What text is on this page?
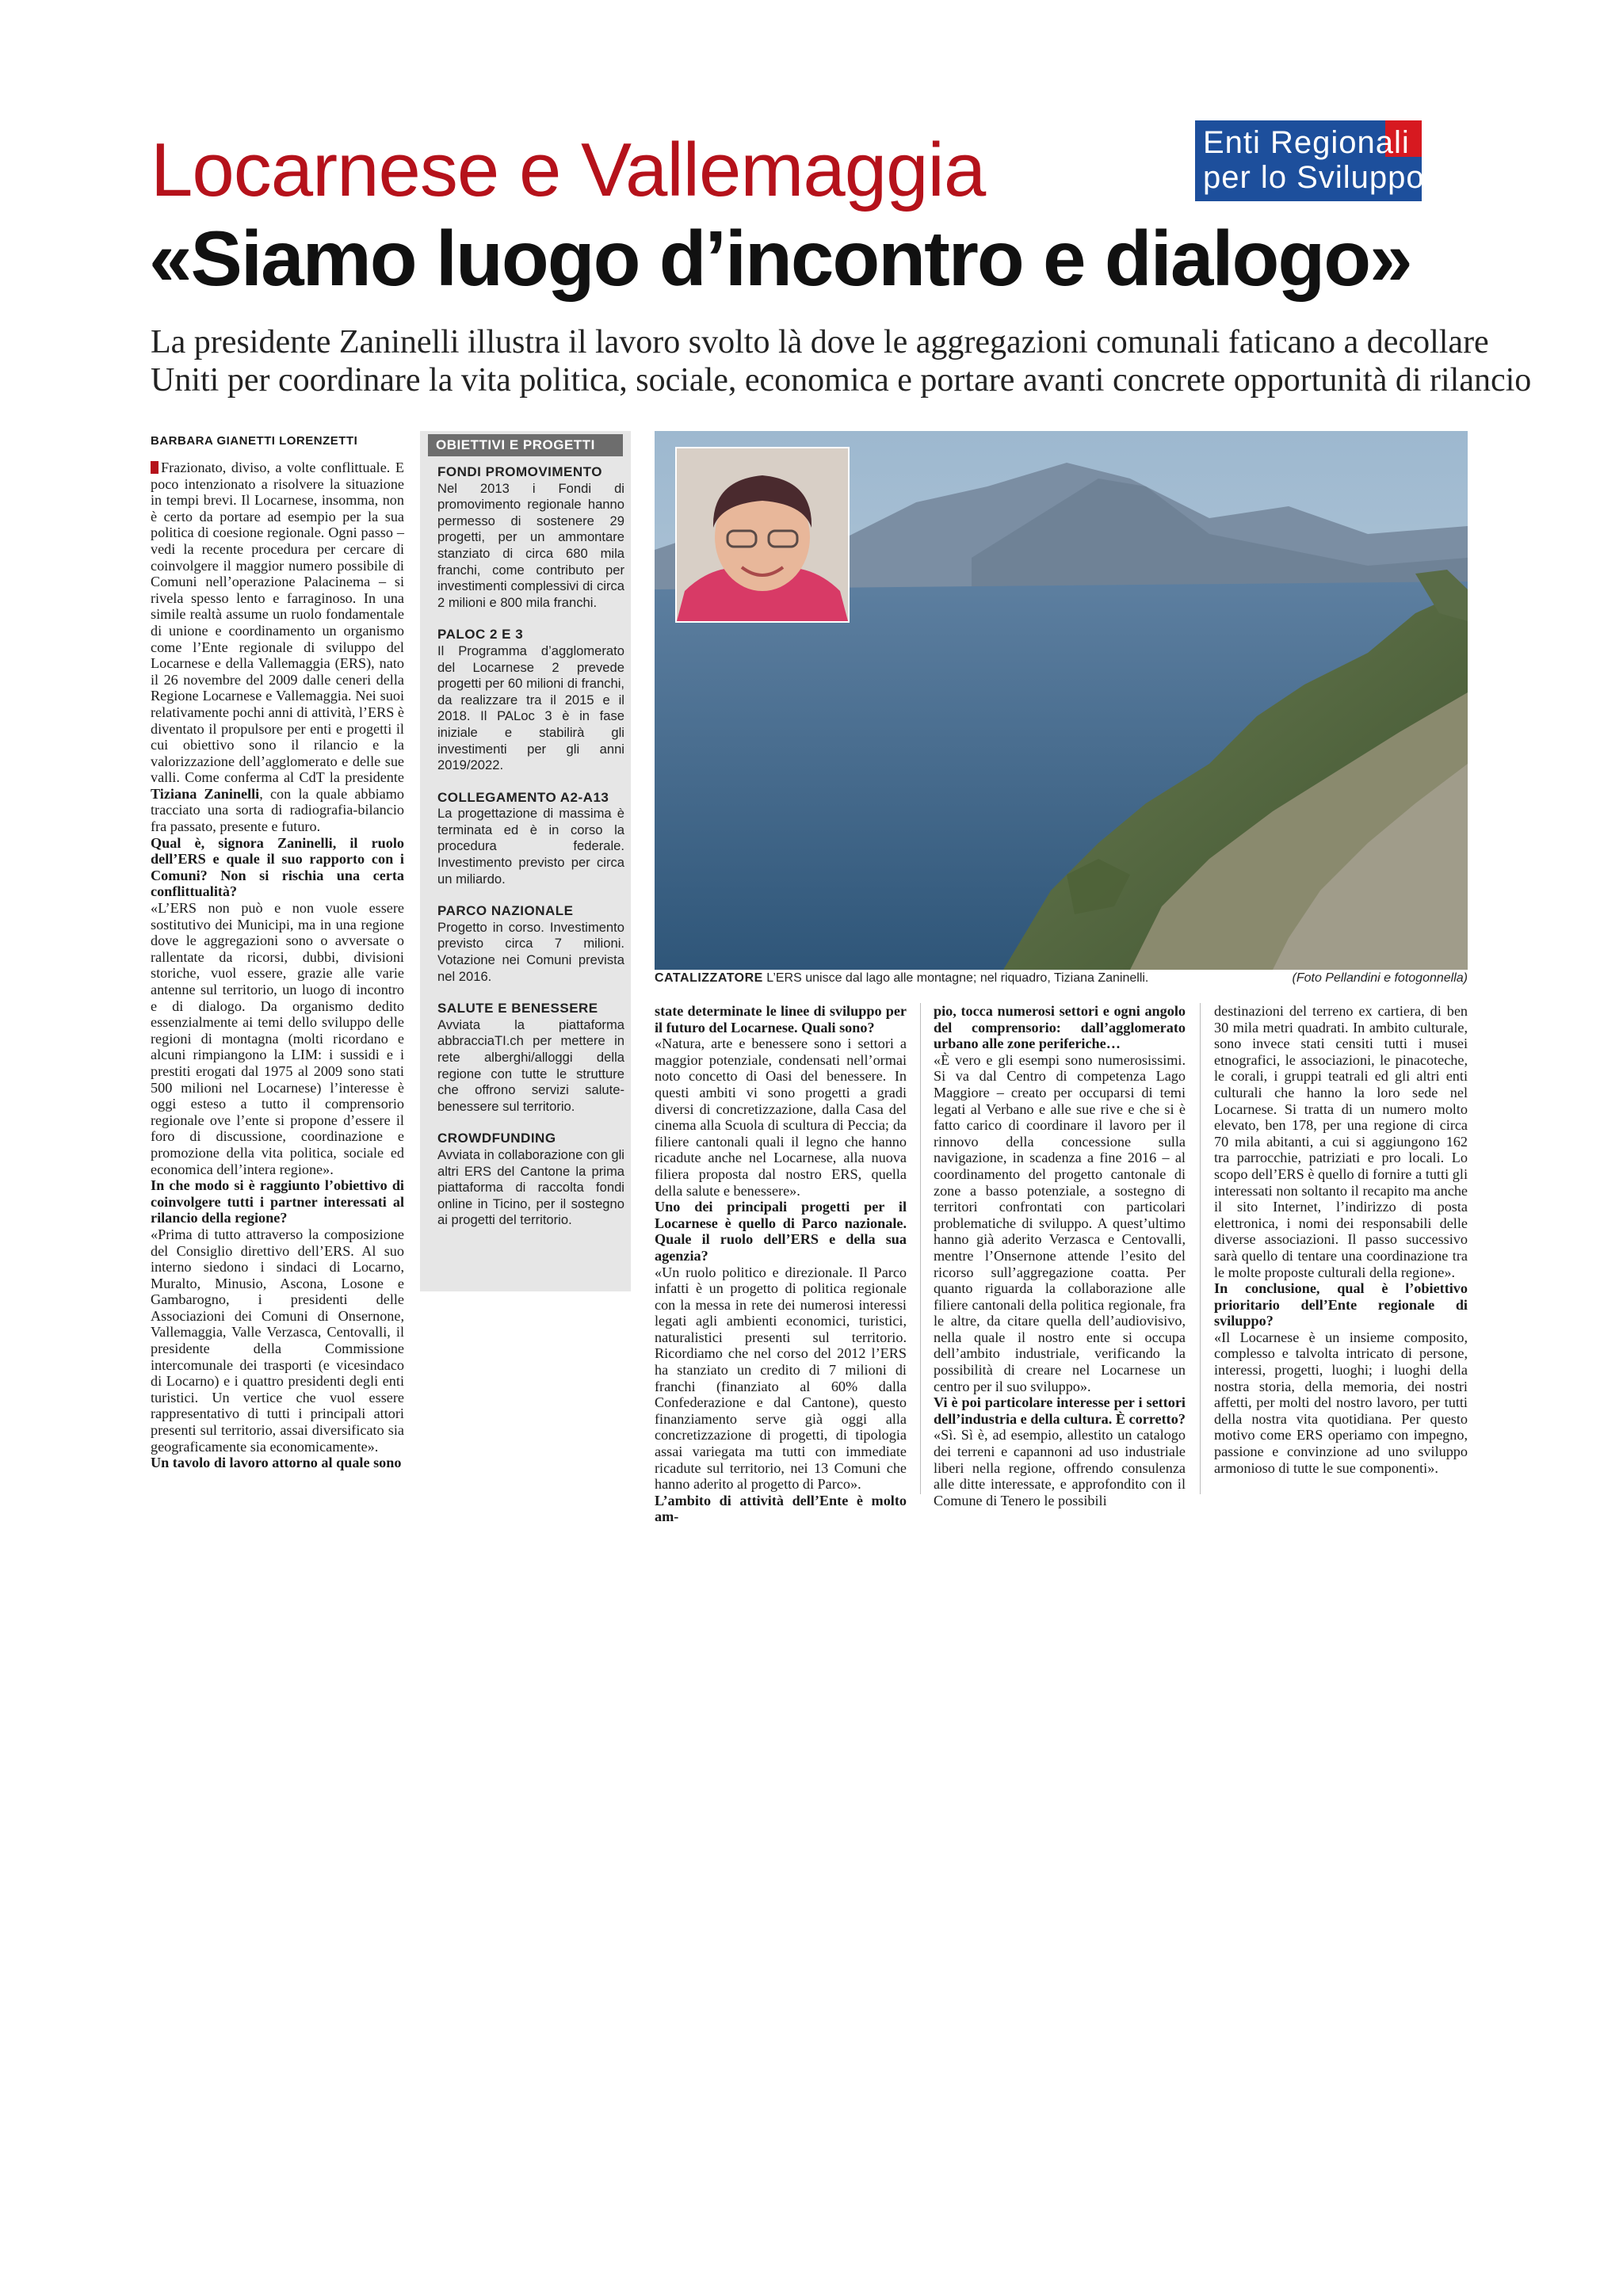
Locarnese e Vallemaggia	Enti Regionali
per lo Sviluppo
«Siamo luogo d’incontro e dialogo»
La presidente Zaninelli illustra il lavoro svolto là dove le aggregazioni comunali faticano a decollare
Uniti per coordinare la vita politica, sociale, economica e portare avanti concrete opportunità di rilancio
BARBARA GIANETTI LORENZETTI

Frazionato, diviso, a volte conflittuale. E poco intenzionato a risolvere la situazione in tempi brevi. Il Locarnese, insomma, non è certo da portare ad esempio per la sua politica di coesione regionale. Ogni passo – vedi la recente procedura per cercare di coinvolgere il maggior numero possibile di Comuni nell’operazione Palacinema – si rivela spesso lento e farraginoso. In una simile realtà assume un ruolo fondamentale di unione e coordinamento un organismo come l’Ente regionale di sviluppo del Locarnese e della Vallemaggia (ERS), nato il 26 novembre del 2009 dalle ceneri della Regione Locarnese e Vallemaggia. Nei suoi relativamente pochi anni di attività, l’ERS è diventato il propulsore per enti e progetti il cui obiettivo sono il rilancio e la valorizzazione dell’agglomerato e delle sue valli. Come conferma al CdT la presidente Tiziana Zaninelli, con la quale abbiamo tracciato una sorta di radiografia-bilancio fra passato, presente e futuro.

Qual è, signora Zaninelli, il ruolo dell’ERS e quale il suo rapporto con i Comuni? Non si rischia una certa conflittualità?

«L’ERS non può e non vuole essere sostitutivo dei Municipi, ma in una regione dove le aggregazioni sono o avversate o rallentate da ricorsi, dubbi, divisioni storiche, vuol essere, grazie alle varie antenne sul territorio, un luogo di incontro e di dialogo. Da organismo dedito essenzialmente ai temi dello sviluppo delle regioni di montagna (molti ricordano e alcuni rimpiangono la LIM: i sussidi e i prestiti erogati dal 1975 al 2009 sono stati 500 milioni nel Locarnese) l’interesse è oggi esteso a tutto il comprensorio regionale ove l’ente si propone d’essere il foro di discussione, coordinazione e promozione della vita politica, sociale ed economica dell’intera regione».

In che modo si è raggiunto l’obiettivo di coinvolgere tutti i partner interessati al rilancio della regione?

«Prima di tutto attraverso la composizione del Consiglio direttivo dell’ERS. Al suo interno siedono i sindaci di Locarno, Muralto, Minusio, Ascona, Losone e Gambarogno, i presidenti delle Associazioni dei Comuni di Onsernone, Vallemaggia, Valle Verzasca, Centovalli, il presidente della Commissione intercomunale dei trasporti (e vicesindaco di Locarno) e i quattro presidenti degli enti turistici. Un vertice che vuol essere rappresentativo di tutti i principali attori presenti sul territorio, assai diversificato sia geograficamente sia economicamente».

Un tavolo di lavoro attorno al quale sono

OBIETTIVI E PROGETTI
FONDI PROMOVIMENTO

Nel 2013 i Fondi di promovimento regionale hanno permesso di sostenere 29 progetti, per un ammontare stanziato di circa 680 mila franchi, come contributo per investimenti complessivi di circa 2 milioni e 800 mila franchi.

PALOC 2 E 3

Il Programma d’agglomerato del Locarnese 2 prevede progetti per 60 milioni di franchi, da realizzare tra il 2015 e il 2018. Il PALoc 3 è in fase iniziale e stabilirà gli investimenti per gli anni 2019/2022.

COLLEGAMENTO A2-A13

La progettazione di massima è terminata ed è in corso la procedura federale. Investimento previsto per circa un miliardo.

PARCO NAZIONALE

Progetto in corso. Investimento previsto circa 7 milioni. Votazione nei Comuni prevista nel 2016.

SALUTE E BENESSERE

Avviata la piattaforma abbracciaTI.ch per mettere in rete alberghi/alloggi della regione con tutte le strutture che offrono servizi salute-benessere sul territorio.

CROWDFUNDING

Avviata in collaborazione con gli altri ERS del Cantone la prima piattaforma di raccolta fondi online in Ticino, per il sostegno ai progetti del territorio.

CATALIZZATORE L’ERS unisce dal lago alle montagne; nel riquadro, Tiziana Zaninelli.	(Foto Pellandini e fotogonnella)

state determinate le linee di sviluppo per il futuro del Locarnese. Quali sono?

«Natura, arte e benessere sono i settori a maggior potenziale, condensati nell’ormai noto concetto di Oasi del benessere. In questi ambiti vi sono progetti a gradi diversi di concretizzazione, dalla Casa del cinema alla Scuola di scultura di Peccia; da filiere cantonali quali il legno che hanno ricadute anche nel Locarnese, alla nuova filiera proposta dal nostro ERS, quella della salute e benessere».

Uno dei principali progetti per il Locarnese è quello di Parco nazionale. Quale il ruolo dell’ERS e della sua agenzia?

«Un ruolo politico e direzionale. Il Parco infatti è un progetto di politica regionale con la messa in rete dei numerosi interessi legati agli ambienti economici, turistici, naturalistici presenti sul territorio. Ricordiamo che nel corso del 2012 l’ERS ha stanziato un credito di 7 milioni di franchi (finanziato al 60% dalla Confederazione e dal Cantone), questo finanziamento serve già oggi alla concretizzazione di progetti, di tipologia assai variegata ma tutti con immediate ricadute sul territorio, nei 13 Comuni che hanno aderito al progetto di Parco».

L’ambito di attività dell’Ente è molto am-

pio, tocca numerosi settori e ogni angolo del comprensorio: dall’agglomerato urbano alle zone periferiche…

«È vero e gli esempi sono numerosissimi. Si va dal Centro di competenza Lago Maggiore – creato per occuparsi di temi legati al Verbano e alle sue rive e che si è fatto carico di coordinare il lavoro per il rinnovo della concessione sulla navigazione, in scadenza a fine 2016 – al coordinamento del progetto cantonale di zone a basso potenziale, a sostegno di territori confrontati con particolari problematiche di sviluppo. A quest’ultimo hanno già aderito Verzasca e Centovalli, mentre l’Onsernone attende l’esito del ricorso sull’aggregazione coatta. Per quanto riguarda la collaborazione alle filiere cantonali della politica regionale, fra le altre, da citare quella dell’audiovisivo, nella quale il nostro ente si occupa dell’ambito industriale, verificando la possibilità di creare nel Locarnese un centro per il suo sviluppo».

Vi è poi particolare interesse per i settori dell’industria e della cultura. È corretto?

«Sì. Sì è, ad esempio, allestito un catalogo dei terreni e capannoni ad uso industriale liberi nella regione, offrendo consulenza alle ditte interessate, e approfondito con il Comune di Tenero le possibili

destinazioni del terreno ex cartiera, di ben 30 mila metri quadrati. In ambito culturale, sono invece stati censiti tutti i musei etnografici, le associazioni, le pinacoteche, le corali, i gruppi teatrali ed gli altri enti culturali che hanno la loro sede nel Locarnese. Si tratta di un numero molto elevato, ben 178, per una regione di circa 70 mila abitanti, a cui si aggiungono 162 tra parrocchie, patriziati e pro locali. Lo scopo dell’ERS è quello di fornire a tutti gli interessati non soltanto il recapito ma anche il sito Internet, l’indirizzo di posta elettronica, i nomi dei responsabili delle diverse associazioni. Il passo successivo sarà quello di tentare una coordinazione tra le molte proposte culturali della regione».

In conclusione, qual è l’obiettivo prioritario dell’Ente regionale di sviluppo?

«Il Locarnese è un insieme composito, complesso e talvolta intricato di persone, interessi, progetti, luoghi; i luoghi della nostra storia, della memoria, dei nostri affetti, per molti del nostro lavoro, per tutti della nostra vita quotidiana. Per questo motivo come ERS operiamo con impegno, passione e convinzione ad uno sviluppo armonioso di tutte le sue componenti».
